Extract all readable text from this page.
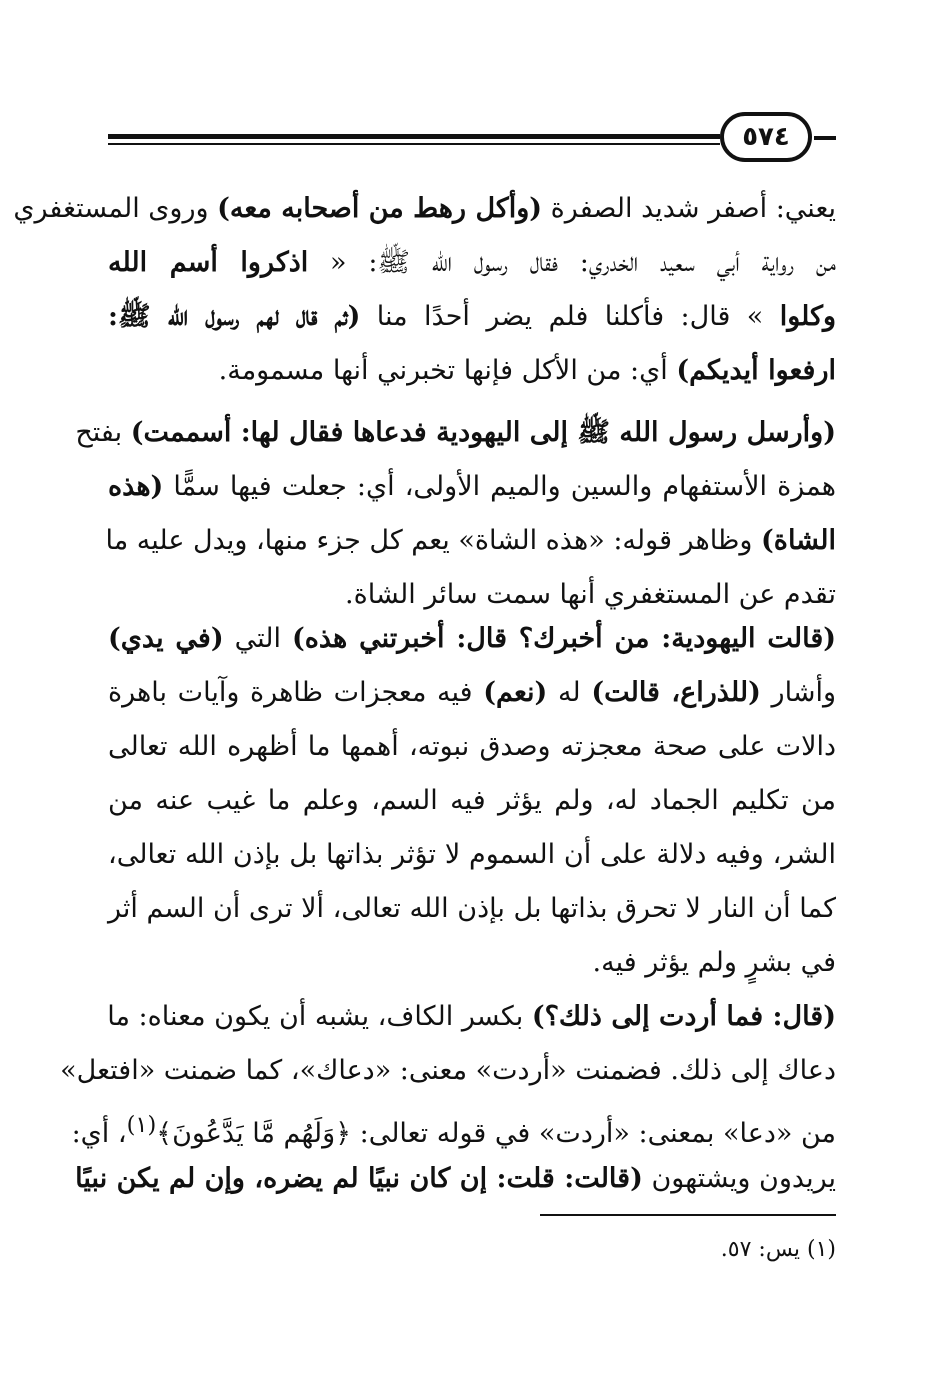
٥٧٤
يعني: أصفر شديد الصفرة (وأكل رهط من أصحابه معه) وروى المستغفري
من رواية أبي سعيد الخدري: فقال رسول الله ﷺ: « اذكروا أسم الله
وكلوا » قال: فأكلنا فلم يضر أحدًا منا (ثم قال لهم رسول الله ﷺ:
ارفعوا أيديكم) أي: من الأكل فإنها تخبرني أنها مسمومة.
(وأرسل رسول الله ﷺ إلى اليهودية فدعاها فقال لها: أسممت) بفتح
همزة الأستفهام والسين والميم الأولى، أي: جعلت فيها سمًّا (هذه
الشاة) وظاهر قوله: «هذه الشاة» يعم كل جزء منها، ويدل عليه ما
تقدم عن المستغفري أنها سمت سائر الشاة.
(قالت اليهودية: من أخبرك؟ قال: أخبرتني هذه) التي (في يدي)
وأشار (للذراع، قالت) له (نعم) فيه معجزات ظاهرة وآيات باهرة
دالات على صحة معجزته وصدق نبوته، أهمها ما أظهره الله تعالى
من تكليم الجماد له، ولم يؤثر فيه السم، وعلم ما غيب عنه من
الشر، وفيه دلالة على أن السموم لا تؤثر بذاتها بل بإذن الله تعالى،
كما أن النار لا تحرق بذاتها بل بإذن الله تعالى، ألا ترى أن السم أثر
في بشرٍ ولم يؤثر فيه.
(قال: فما أردت إلى ذلك؟) بكسر الكاف، يشبه أن يكون معناه: ما
دعاك إلى ذلك. فضمنت «أردت» معنى: «دعاك»، كما ضمنت «افتعل»
من «دعا» بمعنى: «أردت» في قوله تعالى: ﴿وَلَهُم مَّا يَدَّعُونَ﴾$^{(١)}$، أي:
يريدون ويشتهون (قالت: قلت: إن كان نبيًا لم يضره، وإن لم يكن نبيًا
(١) يس: ٥٧.
